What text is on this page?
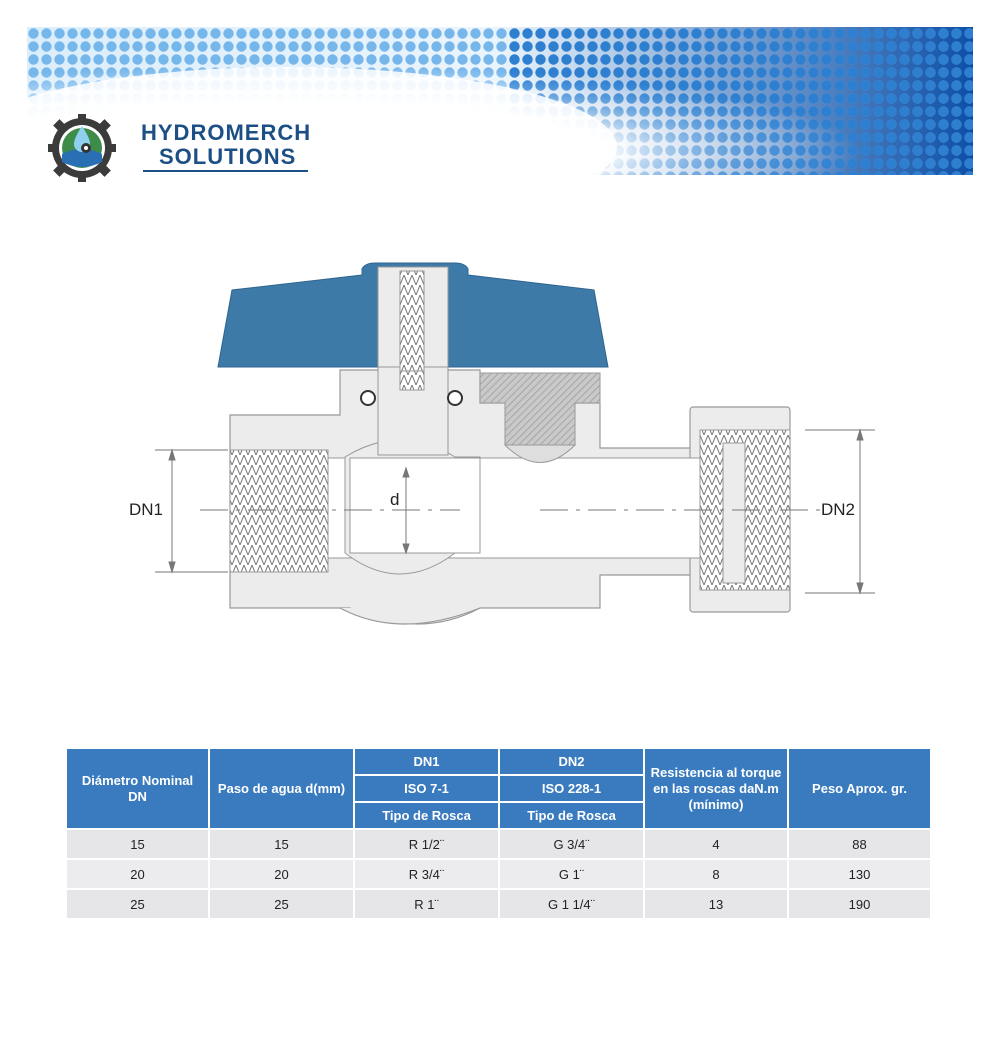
HYDROMERCH
SOLUTIONS
DN1	DN2
d
Diámetro Nominal DN	Paso de agua d(mm)	DN1	DN2	Resistencia al torque en las roscas daN.m (mínimo)	Peso Aprox. gr.
		ISO 7-1	ISO 228-1		
		Tipo de Rosca	Tipo de Rosca		
15	15	R 1/2¨	G 3/4¨	4	88
20	20	R 3/4¨	G 1¨	8	130
25	25	R 1¨	G 1 1/4¨	13	190
